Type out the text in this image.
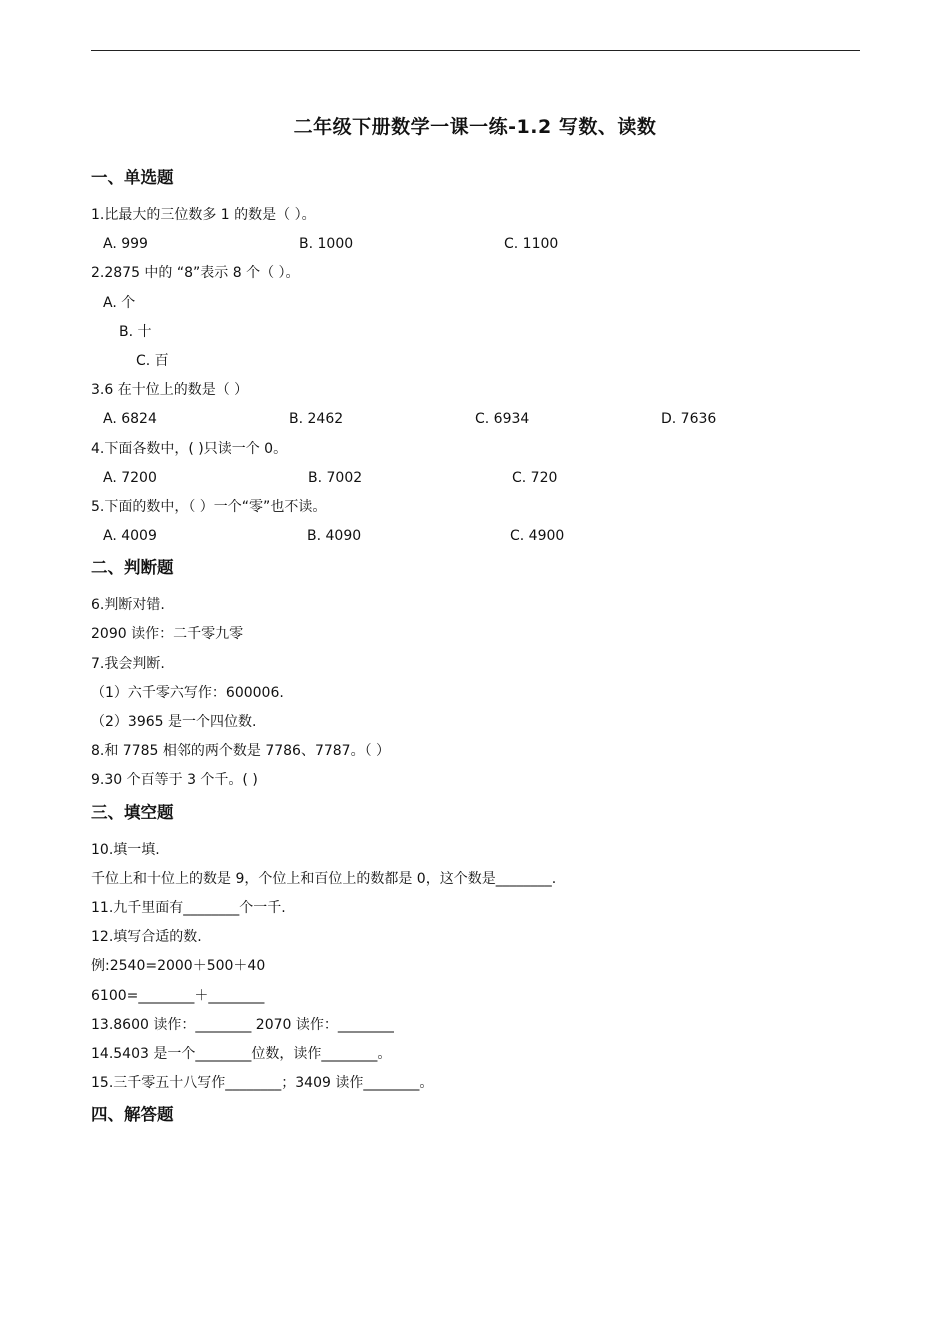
二年级下册数学一课一练-1.2 写数、读数
一、单选题
1.比最大的三位数多 1 的数是（ ）。
A. 999	B. 1000	C. 1100
2.2875 中的 “8”表示 8 个（ ）。
A. 个
B. 十
C. 百
3.6 在十位上的数是（ ）
A. 6824	B. 2462	C. 6934	D. 7636
4.下面各数中，( )只读一个 0。
A. 7200	B. 7002	C. 720
5.下面的数中，（ ）一个“零”也不读。
A. 4009	B. 4090	C. 4900
二、判断题
6.判断对错.
2090 读作：二千零九零
7.我会判断.
（1）六千零六写作：600006.
（2）3965 是一个四位数.
8.和 7785 相邻的两个数是 7786、7787。（ ）
9.30 个百等于 3 个千。( )
三、填空题
10.填一填.
千位上和十位上的数是 9，个位上和百位上的数都是 0，这个数是________.
11.九千里面有________个一千.
12.填写合适的数.
例:2540=2000＋500＋40
6100=________＋________
13.8600 读作：________ 2070 读作：________
14.5403 是一个________位数，读作________。
15.三千零五十八写作________；3409 读作________。
四、解答题
